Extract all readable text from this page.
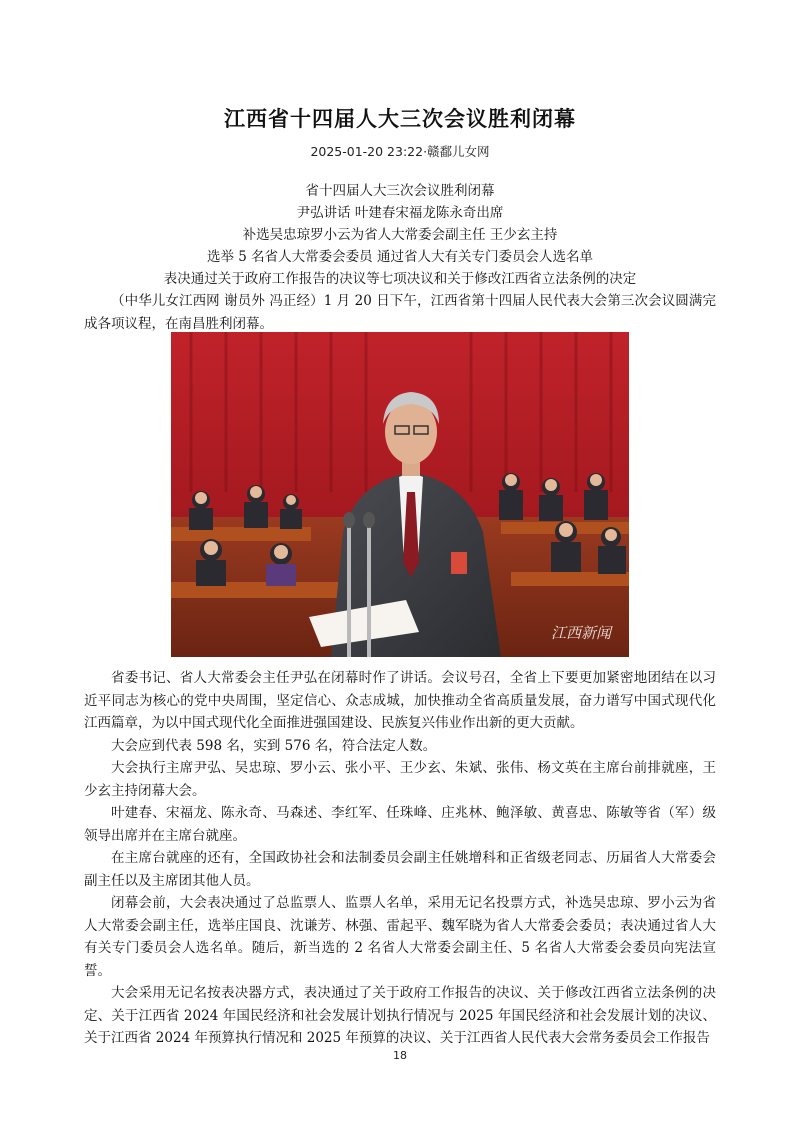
江西省十四届人大三次会议胜利闭幕
2025-01-20 23:22·赣鄱儿女网
省十四届人大三次会议胜利闭幕
尹弘讲话 叶建春宋福龙陈永奇出席
补选吴忠琼罗小云为省人大常委会副主任 王少玄主持
选举 5 名省人大常委会委员 通过省人大有关专门委员会人选名单
表决通过关于政府工作报告的决议等七项决议和关于修改江西省立法条例的决定

（中华儿女江西网 谢员外 冯正经）1 月 20 日下午，江西省第十四届人民代表大会第三次会议圆满完成各项议程，在南昌胜利闭幕。

江西新闻

省委书记、省人大常委会主任尹弘在闭幕时作了讲话。会议号召，全省上下要更加紧密地团结在以习近平同志为核心的党中央周围，坚定信心、众志成城，加快推动全省高质量发展，奋力谱写中国式现代化江西篇章，为以中国式现代化全面推进强国建设、民族复兴伟业作出新的更大贡献。

大会应到代表 598 名，实到 576 名，符合法定人数。

大会执行主席尹弘、吴忠琼、罗小云、张小平、王少玄、朱斌、张伟、杨文英在主席台前排就座，王少玄主持闭幕大会。

叶建春、宋福龙、陈永奇、马森述、李红军、任珠峰、庄兆林、鲍泽敏、黄喜忠、陈敏等省（军）级领导出席并在主席台就座。

在主席台就座的还有，全国政协社会和法制委员会副主任姚增科和正省级老同志、历届省人大常委会副主任以及主席团其他人员。

闭幕会前，大会表决通过了总监票人、监票人名单，采用无记名投票方式，补选吴忠琼、罗小云为省人大常委会副主任，选举庄国良、沈谦芳、林强、雷起平、魏军晓为省人大常委会委员；表决通过省人大有关专门委员会人选名单。随后，新当选的 2 名省人大常委会副主任、5 名省人大常委会委员向宪法宣誓。

大会采用无记名按表决器方式，表决通过了关于政府工作报告的决议、关于修改江西省立法条例的决定、关于江西省 2024 年国民经济和社会发展计划执行情况与 2025 年国民经济和社会发展计划的决议、关于江西省 2024 年预算执行情况和 2025 年预算的决议、关于江西省人民代表大会常务委员会工作报告

18
